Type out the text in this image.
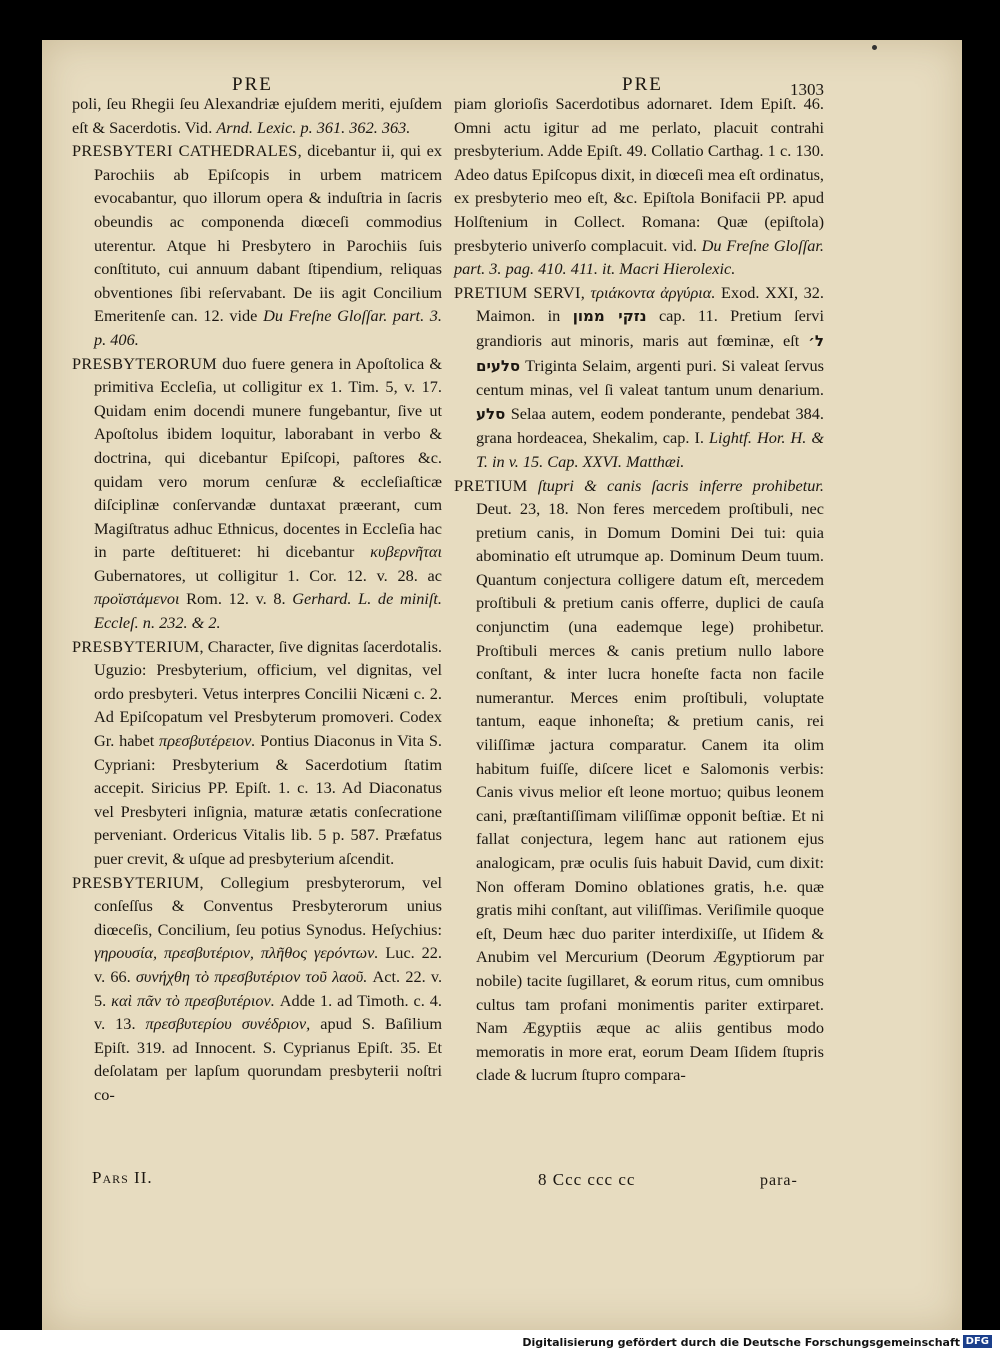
PRE	PRE	1303

poli, ſeu Rhegii ſeu Alexandriæ ejuſdem meriti, ejuſdem eſt & Sacerdotis. Vid. Arnd. Lexic. p. 361. 362. 363.

PRESBYTERI CATHEDRALES, dicebantur ii, qui ex Parochiis ab Epiſcopis in urbem matricem evocabantur, quo illorum opera & induſtria in ſacris obeundis ac componenda diœceſi commodius uterentur. Atque hi Presbytero in Parochiis ſuis conſtituto, cui annuum dabant ſtipendium, reliquas obventiones ſibi reſervabant. De iis agit Concilium Emeritenſe can. 12. vide Du Freſne Gloſſar. part. 3. p. 406.

PRESBYTERORUM duo fuere genera in Apoſtolica & primitiva Eccleſia, ut colligitur ex 1. Tim. 5, v. 17. Quidam enim docendi munere fungebantur, ſive ut Apoſtolus ibidem loquitur, laborabant in verbo & doctrina, qui dicebantur Epiſcopi, paſtores &c. quidam vero morum cenſuræ & eccleſiaſticæ diſciplinæ conſervandæ duntaxat præerant, cum Magiſtratus adhuc Ethnicus, docentes in Eccleſia hac in parte deſtitueret: hi dicebantur κυβερνῆται Gubernatores, ut colligitur 1. Cor. 12. v. 28. ac προϊστάμενοι Rom. 12. v. 8. Gerhard. L. de miniſt. Eccleſ. n. 232. & 2.

PRESBYTERIUM, Character, ſive dignitas ſacerdotalis. Uguzio: Presbyterium, officium, vel dignitas, vel ordo presbyteri. Vetus interpres Concilii Nicæni c. 2. Ad Epiſcopatum vel Presbyterum promoveri. Codex Gr. habet πρεσβυτέρειον. Pontius Diaconus in Vita S. Cypriani: Presbyterium & Sacerdotium ſtatim accepit. Siricius PP. Epiſt. 1. c. 13. Ad Diaconatus vel Presbyteri inſignia, maturæ ætatis conſecratione perveniant. Ordericus Vitalis lib. 5 p. 587. Præfatus puer crevit, & uſque ad presbyterium aſcendit.

PRESBYTERIUM, Collegium presbyterorum, vel conſeſſus & Conventus Presbyterorum unius diœceſis, Concilium, ſeu potius Synodus. Heſychius: γηρουσία, πρεσβυτέριον, πλῆθος γερόντων. Luc. 22. v. 66. συνήχθη τὸ πρεσβυτέριον τοῦ λαοῦ. Act. 22. v. 5. καὶ πᾶν τὸ πρεσβυτέριον. Adde 1. ad Timoth. c. 4. v. 13. πρεσβυτερίου συνέδριον, apud S. Baſilium Epiſt. 319. ad Innocent. S. Cyprianus Epiſt. 35. Et deſolatam per lapſum quorundam presbyterii noſtri co-

piam glorioſis Sacerdotibus adornaret. Idem Epiſt. 46. Omni actu igitur ad me perlato, placuit contrahi presbyterium. Adde Epiſt. 49. Collatio Carthag. 1 c. 130. Adeo datus Epiſcopus dixit, in diœceſi mea eſt ordinatus, ex presbyterio meo eſt, &c. Epiſtola Bonifacii PP. apud Holſtenium in Collect. Romana: Quæ (epiſtola) presbyterio univerſo complacuit. vid. Du Freſne Gloſſar. part. 3. pag. 410. 411. it. Macri Hierolexic.

PRETIUM SERVI, τριάκοντα ἀργύρια. Exod. XXI, 32. Maimon. in נזקי ממון cap. 11. Pretium ſervi grandioris aut minoris, maris aut fœminæ, eſt ל׳ סלעים Triginta Selaim, argenti puri. Si valeat ſervus centum minas, vel ſi valeat tantum unum denarium. סלע Selaa autem, eodem ponderante, pendebat 384. grana hordeacea, Shekalim, cap. I. Lightf. Hor. H. & T. in v. 15. Cap. XXVI. Matthæi.

PRETIUM ſtupri & canis ſacris inferre prohibetur. Deut. 23, 18. Non feres mercedem proſtibuli, nec pretium canis, in Domum Domini Dei tui: quia abominatio eſt utrumque ap. Dominum Deum tuum. Quantum conjectura colligere datum eſt, mercedem proſtibuli & pretium canis offerre, duplici de cauſa conjunctim (una eademque lege) prohibetur. Proſtibuli merces & canis pretium nullo labore conſtant, & inter lucra honeſte facta non facile numerantur. Merces enim proſtibuli, voluptate tantum, eaque inhoneſta; & pretium canis, rei viliſſimæ jactura comparatur. Canem ita olim habitum fuiſſe, diſcere licet e Salomonis verbis: Canis vivus melior eſt leone mortuo; quibus leonem cani, præſtantiſſimam viliſſimæ opponit beſtiæ. Et ni fallat conjectura, legem hanc aut rationem ejus analogicam, præ oculis ſuis habuit David, cum dixit: Non offeram Domino oblationes gratis, h.e. quæ gratis mihi conſtant, aut viliſſimas. Veriſimile quoque eſt, Deum hæc duo pariter interdixiſſe, ut Iſidem & Anubim vel Mercurium (Deorum Ægyptiorum par nobile) tacite ſugillaret, & eorum ritus, cum omnibus cultus tam profani monimentis pariter extirparet. Nam Ægyptiis æque ac aliis gentibus modo memoratis in more erat, eorum Deam Iſidem ſtupris clade & lucrum ſtupro compara-

Pars II.	8 Ccc ccc cc	para-
Digitalisierung gefördert durch die Deutsche Forschungsgemeinschaft DFG
